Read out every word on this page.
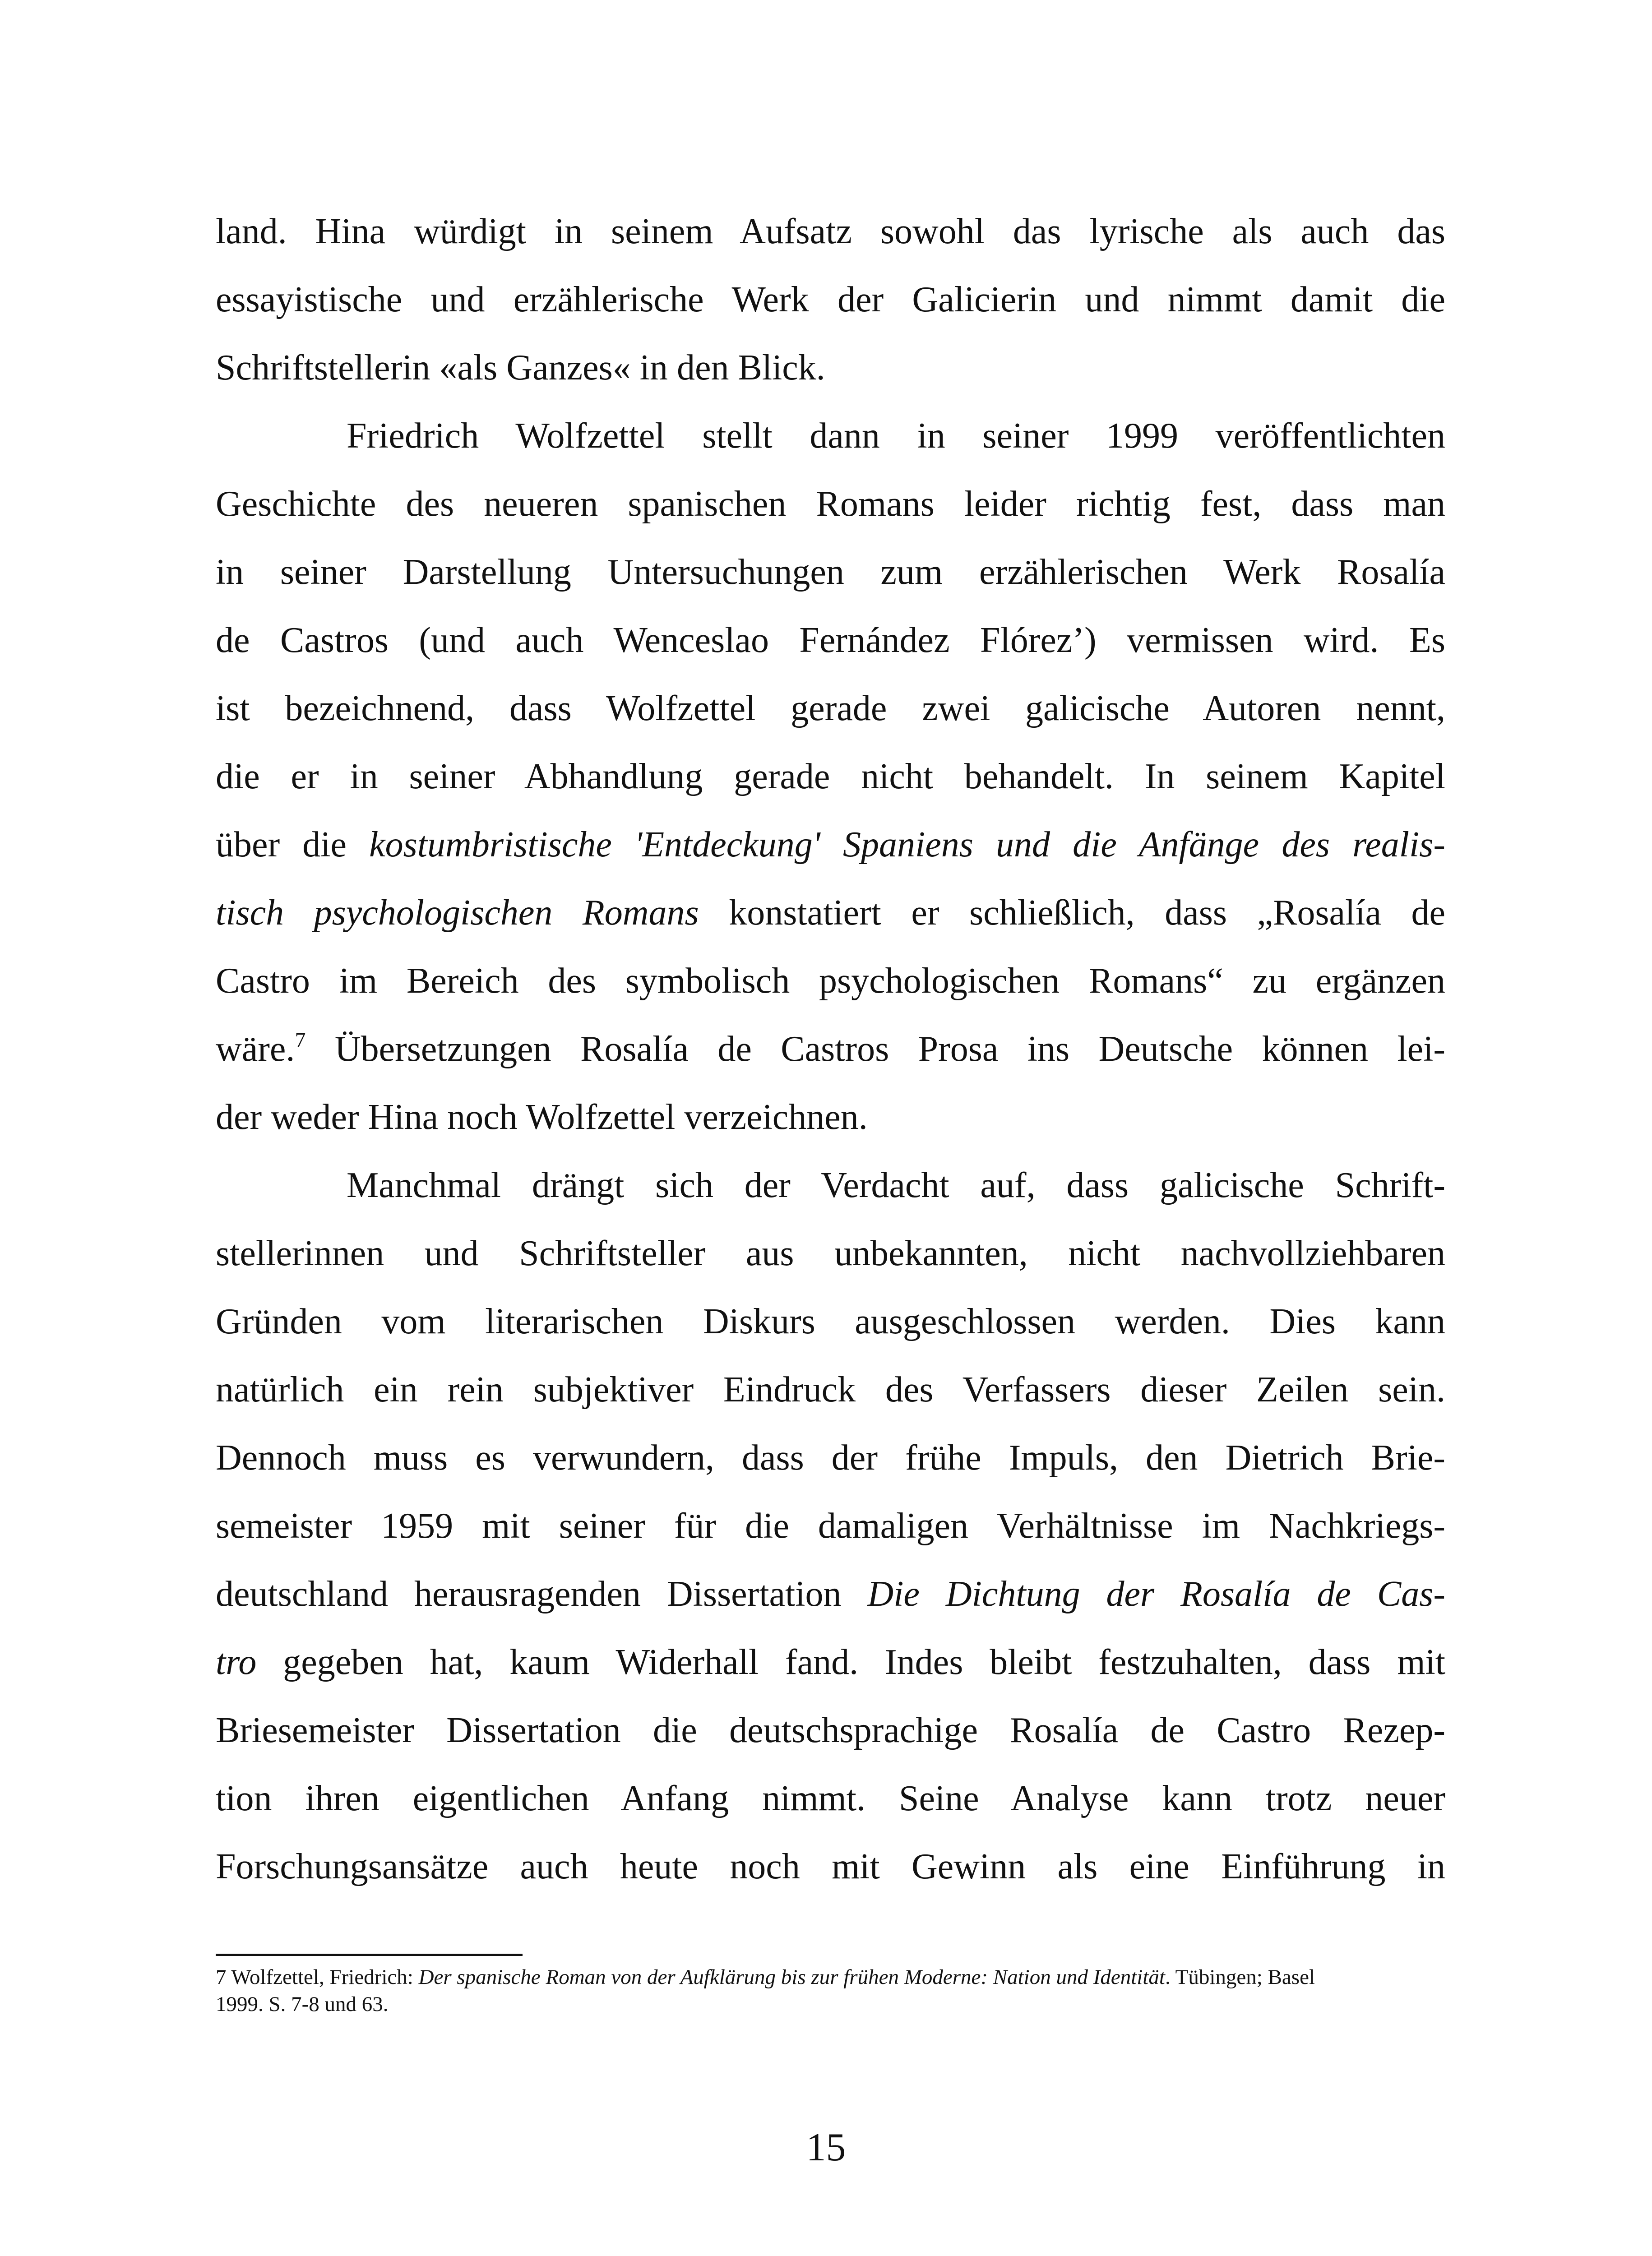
land. Hina würdigt in seinem Aufsatz sowohl das lyrische als auch das
essayistische und erzählerische Werk der Galicierin und nimmt damit die
Schriftstellerin «als Ganzes« in den Blick.
Friedrich Wolfzettel stellt dann in seiner 1999 veröffentlichten
Geschichte des neueren spanischen Romans leider richtig fest, dass man
in seiner Darstellung Untersuchungen zum erzählerischen Werk Rosalía
de Castros (und auch Wenceslao Fernández Flórez’) vermissen wird. Es
ist bezeichnend, dass Wolfzettel gerade zwei galicische Autoren nennt,
die er in seiner Abhandlung gerade nicht behandelt. In seinem Kapitel
über die kostumbristische 'Entdeckung' Spaniens und die Anfänge des realis-
tisch psychologischen Romans konstatiert er schließlich, dass „Rosalía de
Castro im Bereich des symbolisch psychologischen Romans“ zu ergänzen
wäre.$^7$ Übersetzungen Rosalía de Castros Prosa ins Deutsche können lei-
der weder Hina noch Wolfzettel verzeichnen.
Manchmal drängt sich der Verdacht auf, dass galicische Schrift-
stellerinnen und Schriftsteller aus unbekannten, nicht nachvollziehbaren
Gründen vom literarischen Diskurs ausgeschlossen werden. Dies kann
natürlich ein rein subjektiver Eindruck des Verfassers dieser Zeilen sein.
Dennoch muss es verwundern, dass der frühe Impuls, den Dietrich Brie-
semeister 1959 mit seiner für die damaligen Verhältnisse im Nachkriegs-
deutschland herausragenden Dissertation Die Dichtung der Rosalía de Cas-
tro gegeben hat, kaum Widerhall fand. Indes bleibt festzuhalten, dass mit
Briesemeister Dissertation die deutschsprachige Rosalía de Castro Rezep-
tion ihren eigentlichen Anfang nimmt. Seine Analyse kann trotz neuer
Forschungsansätze auch heute noch mit Gewinn als eine Einführung in
7 Wolfzettel, Friedrich: Der spanische Roman von der Aufklärung bis zur frühen Moderne: Nation und Identität. Tübingen; Basel
1999. S. 7-8 und 63.
15
